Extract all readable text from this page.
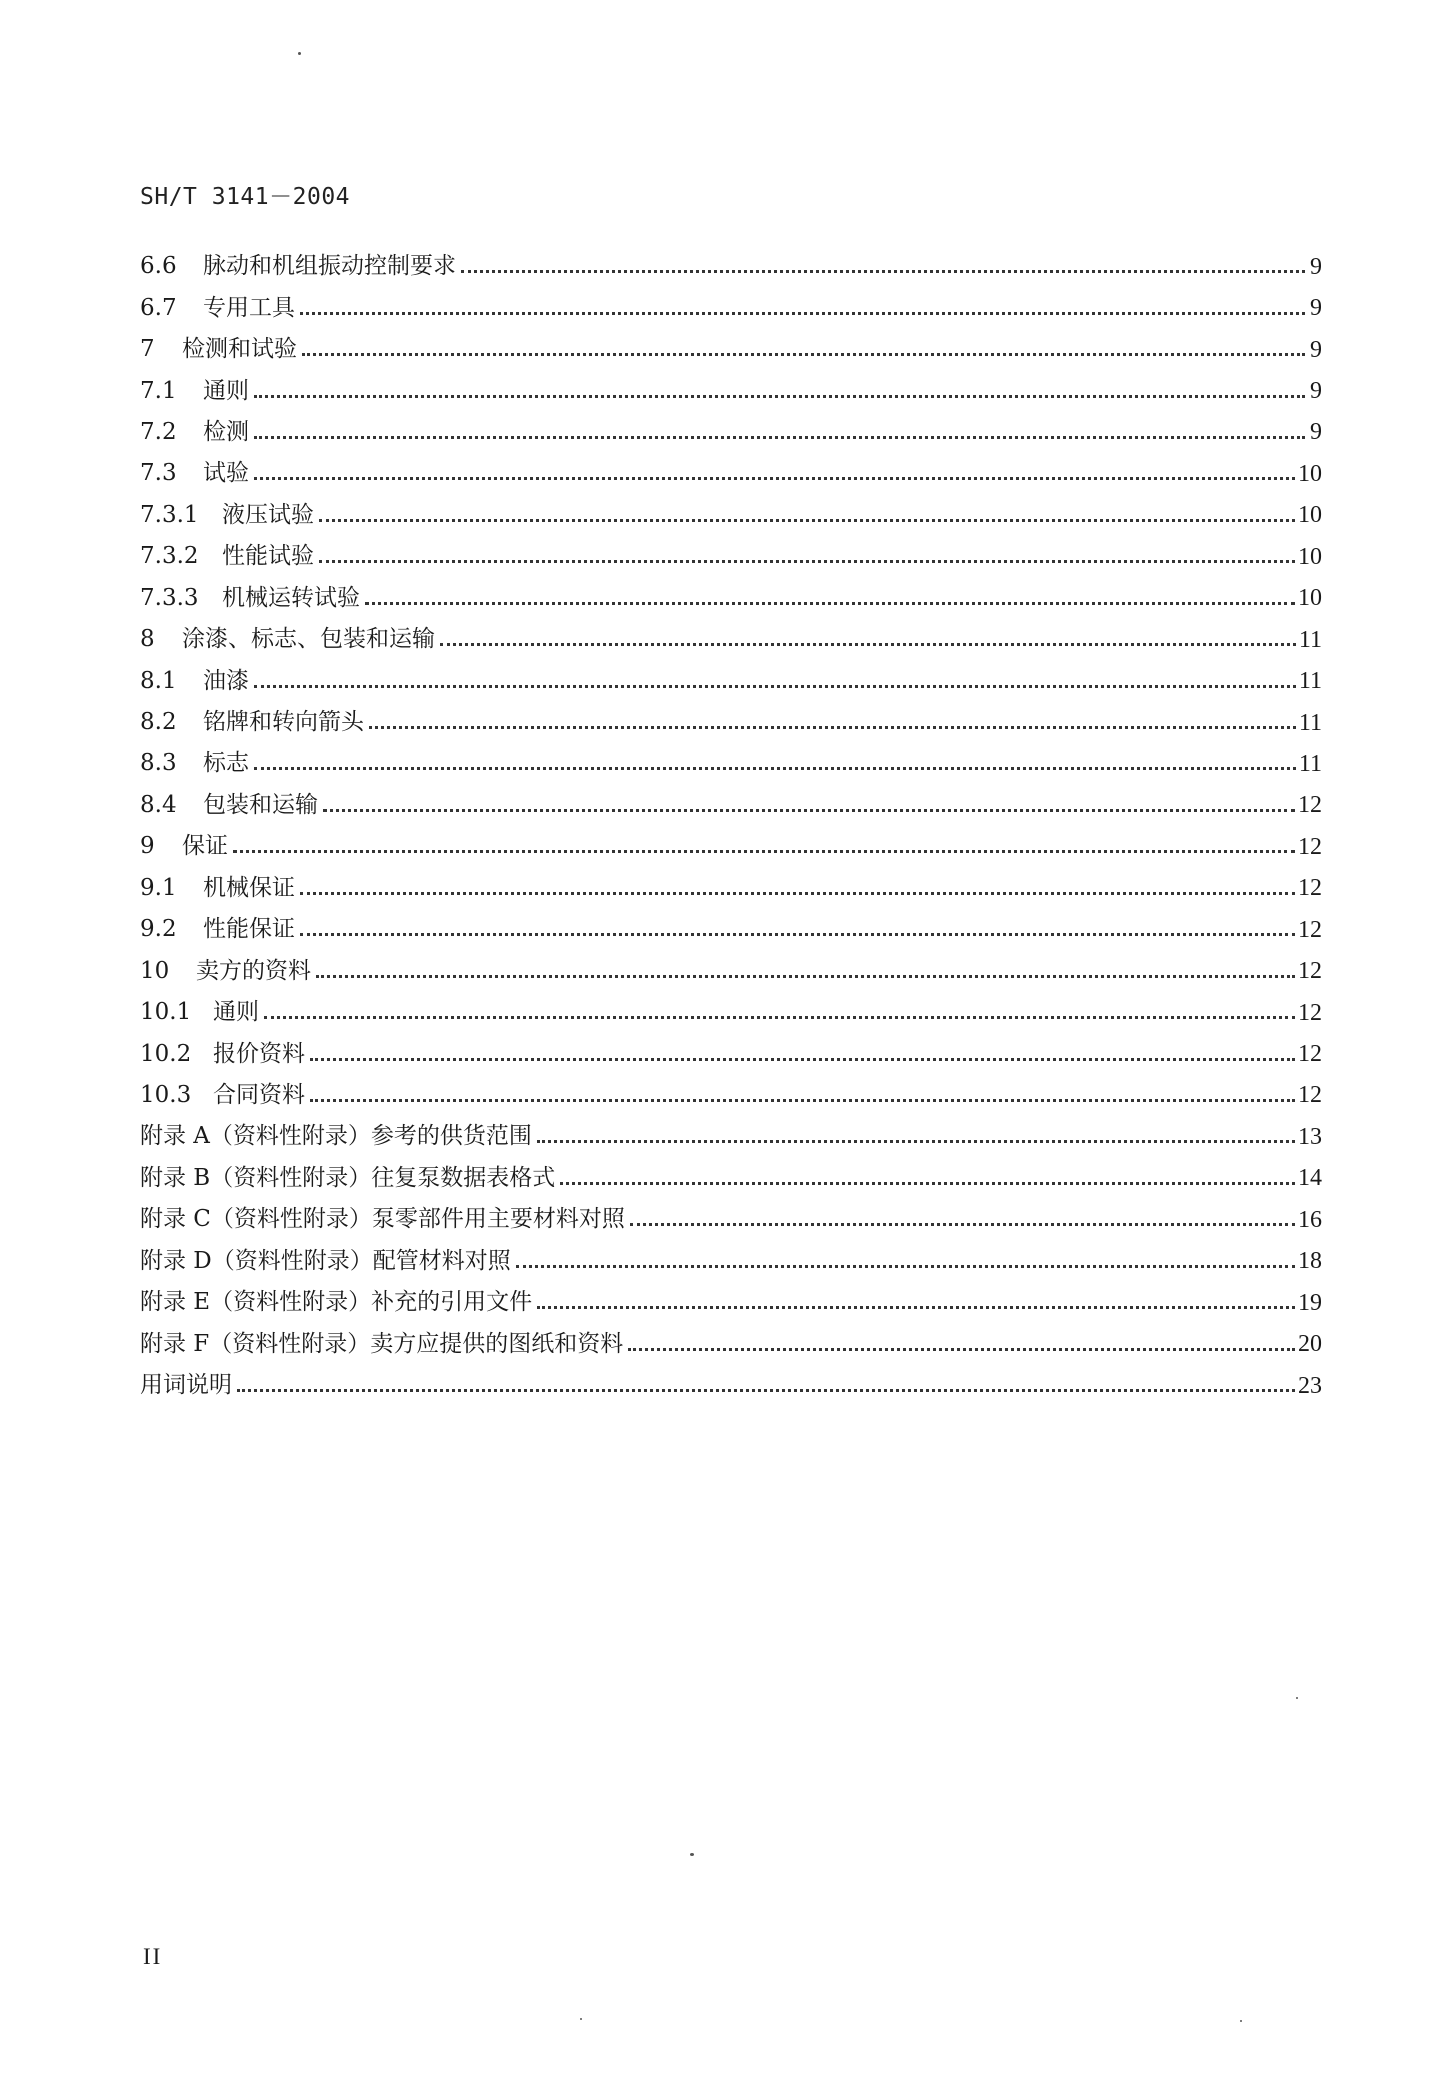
SH/T 3141－2004
6.6	脉动和机组振动控制要求	9
6.7	专用工具	9
7	检测和试验	9
7.1	通则	9
7.2	检测	9
7.3	试验	10
7.3.1	液压试验	10
7.3.2	性能试验	10
7.3.3	机械运转试验	10
8	涂漆、标志、包装和运输	11
8.1	油漆	11
8.2	铭牌和转向箭头	11
8.3	标志	11
8.4	包装和运输	12
9	保证	12
9.1	机械保证	12
9.2	性能保证	12
10	卖方的资料	12
10.1 通则	12
10.2 报价资料	12
10.3 合同资料	12
附录 A（资料性附录）参考的供货范围	13
附录 B（资料性附录）往复泵数据表格式	14
附录 C（资料性附录）泵零部件用主要材料对照	16
附录 D（资料性附录）配管材料对照	18
附录 E（资料性附录）补充的引用文件	19
附录 F（资料性附录）卖方应提供的图纸和资料	20
用词说明	23
II
